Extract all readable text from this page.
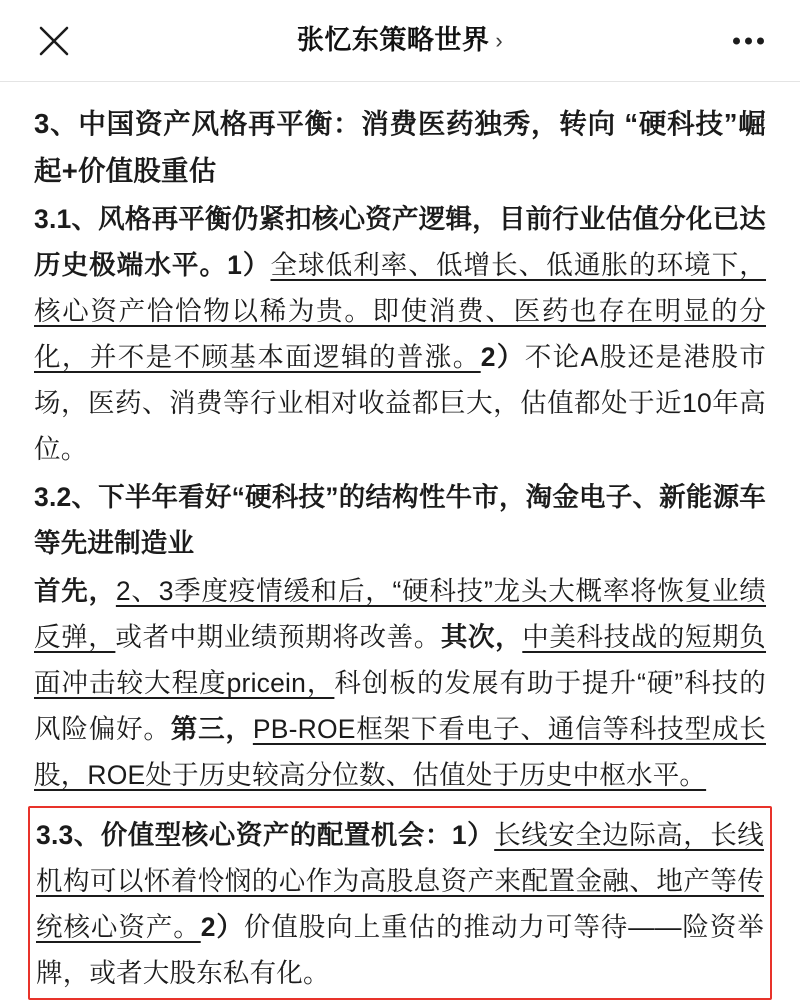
张忆东策略世界 ›
3、中国资产风格再平衡：消费医药独秀，转向 “硬科技”崛起+价值股重估
3.1、风格再平衡仍紧扣核心资产逻辑，目前行业估值分化已达历史极端水平。1）全球低利率、低增长、低通胀的环境下，核心资产恰恰物以稀为贵。即使消费、医药也存在明显的分化，并不是不顾基本面逻辑的普涨。2）不论A股还是港股市场，医药、消费等行业相对收益都巨大，估值都处于近10年高位。
3.2、下半年看好“硬科技”的结构性牛市，淘金电子、新能源车等先进制造业
首先，2、3季度疫情缓和后，“硬科技”龙头大概率将恢复业绩反弹，或者中期业绩预期将改善。其次，中美科技战的短期负面冲击较大程度pricein，科创板的发展有助于提升“硬”科技的风险偏好。第三，PB-ROE框架下看电子、通信等科技型成长股，ROE处于历史较高分位数、估值处于历史中枢水平。
3.3、价值型核心资产的配置机会：1）长线安全边际高，长线机构可以怀着怜悯的心作为高股息资产来配置金融、地产等传统核心资产。2）价值股向上重估的推动力可等待——险资举牌，或者大股东私有化。
